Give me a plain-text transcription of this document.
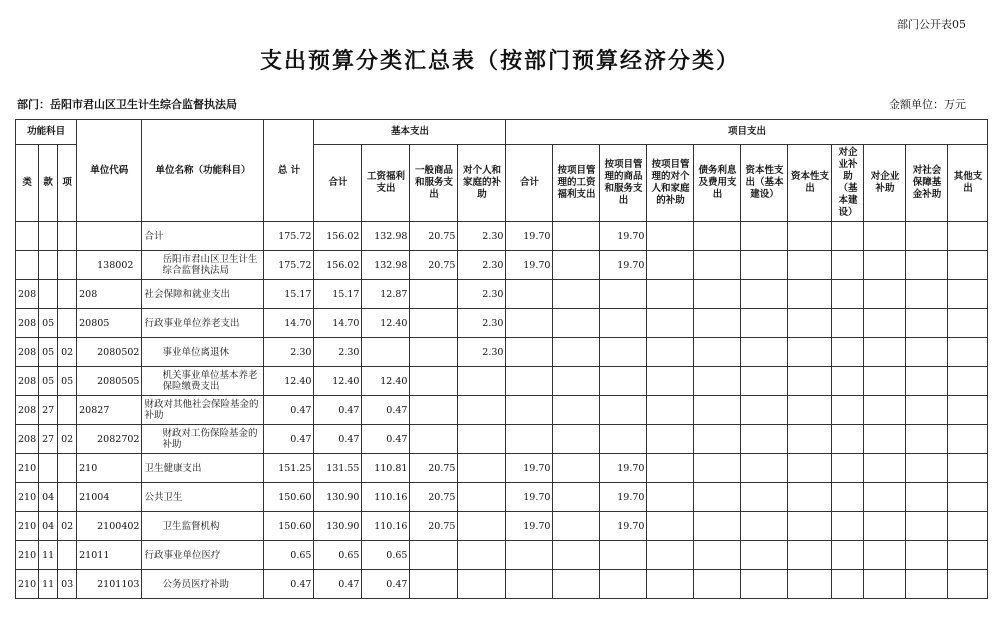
部门公开表05
支出预算分类汇总表（按部门预算经济分类）
部门：岳阳市君山区卫生计生综合监督执法局	金额单位：万元
功能科目			单位代码	单位名称（功能科目）	总 计	基本支出				项目支出										
类	款	项				合计	工资福利支出	一般商品和服务支出	对个人和家庭的补助	合计	按项目管理的工资福利支出	按项目管理的商品和服务支出	按项目管理的对个人和家庭的补助	债务利息及费用支出	资本性支出（基本建设）	资本性支出	对企业补助（基本建设）	对企业补助	对社会保障基金补助	其他支出
				合计	175.72	156.02	132.98	20.75	2.30	19.70		19.70								
			138002	岳阳市君山区卫生计生综合监督执法局	175.72	156.02	132.98	20.75	2.30	19.70		19.70								
208			208	社会保障和就业支出	15.17	15.17	12.87		2.30											
208	05		20805	行政事业单位养老支出	14.70	14.70	12.40		2.30											
208	05	02	2080502	事业单位离退休	2.30	2.30			2.30											
208	05	05	2080505	机关事业单位基本养老保险缴费支出	12.40	12.40	12.40													
208	27		20827	财政对其他社会保险基金的补助	0.47	0.47	0.47													
208	27	02	2082702	财政对工伤保险基金的补助	0.47	0.47	0.47													
210			210	卫生健康支出	151.25	131.55	110.81	20.75		19.70		19.70								
210	04		21004	公共卫生	150.60	130.90	110.16	20.75		19.70		19.70								
210	04	02	2100402	卫生监督机构	150.60	130.90	110.16	20.75		19.70		19.70								
210	11		21011	行政事业单位医疗	0.65	0.65	0.65													
210	11	03	2101103	公务员医疗补助	0.47	0.47	0.47													
